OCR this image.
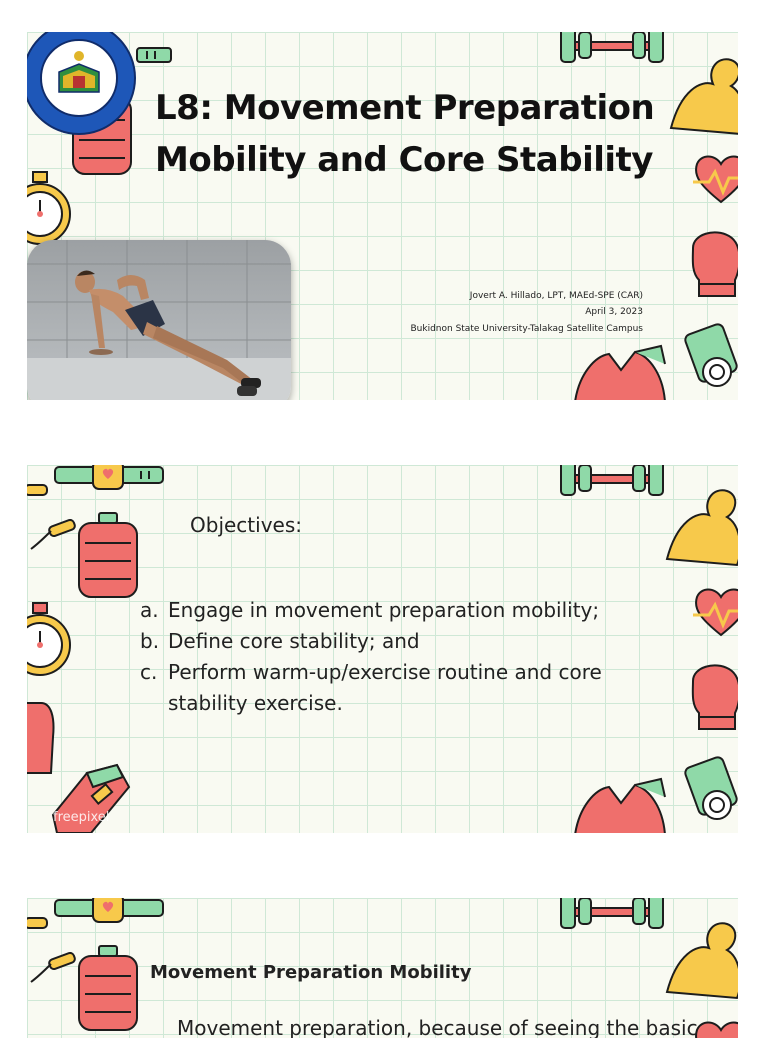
L8: Movement Preparation Mobility and Core Stability
Jovert A. Hillado, LPT, MAEd-SPE (CAR)
April 3, 2023
Bukidnon State University-Talakag Satellite Campus
freepixel
Objectives:
a. Engage in movement preparation mobility;
b. Define core stability; and
c. Perform warm-up/exercise routine and core stability exercise.
Movement Preparation Mobility
Movement preparation, because of seeing the basic
